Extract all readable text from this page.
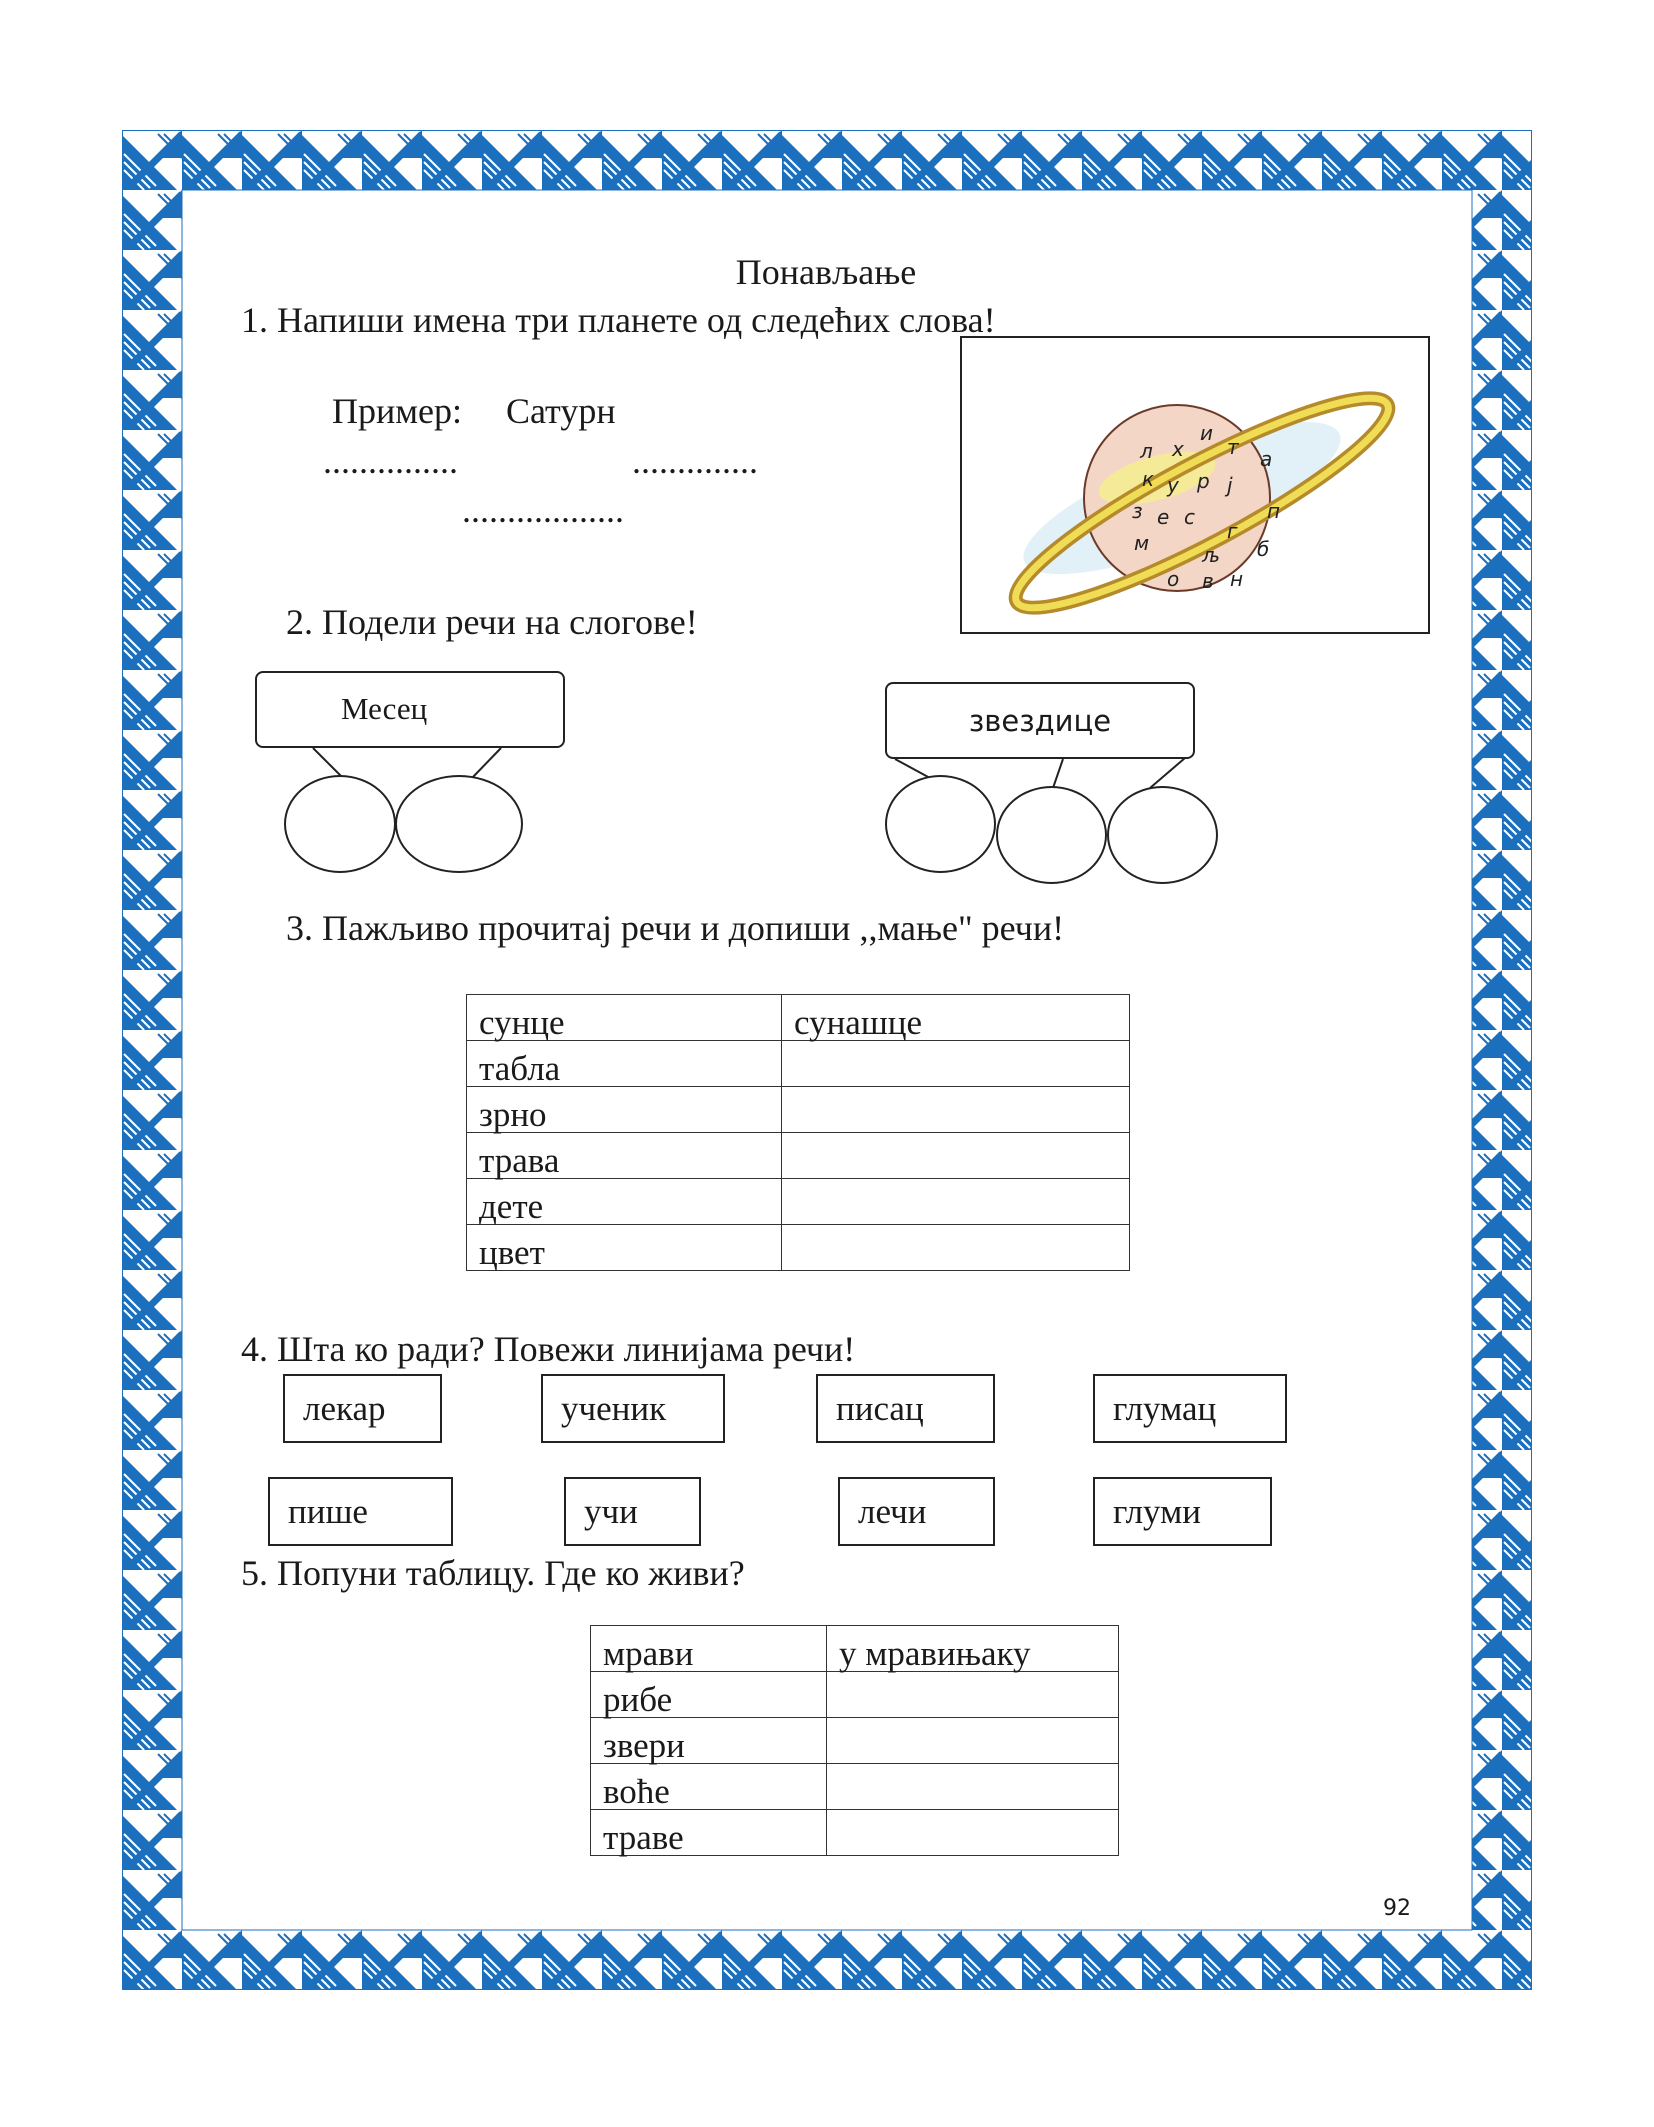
Понављање
1. Напиши имена три планете од следећих слова!
Пример: Сатурн
...............	..............
..................
л х
и
т а
к у р ј
з е с	п
м	г
љ б
о в н
2. Подели речи на слогове!
Месец	звездице
3. Пажљиво прочитај речи и допиши ,,мање" речи!
сунце	сунашце
табла	
зрно	
трава	
дете	
цвет	
4. Шта ко ради? Повежи линијама речи!
лекар	ученик	писац	глумац
пише	учи	лечи	глуми
5. Попуни таблицу. Где ко живи?
мрави	у мравињаку
рибе	
звери	
воће	
траве	
92
